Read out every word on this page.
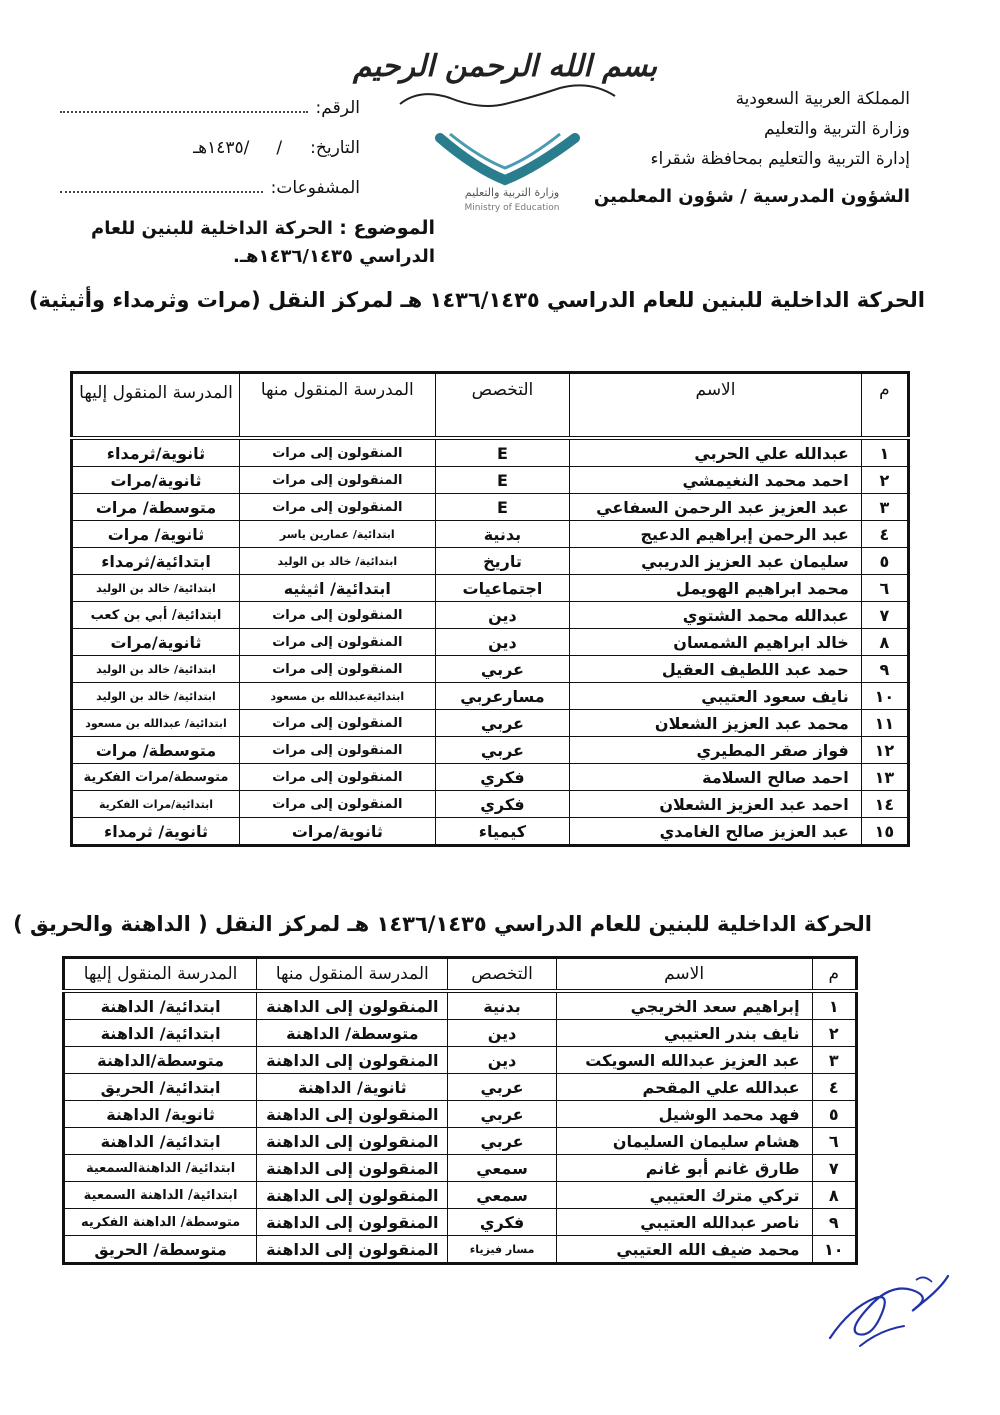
المملكة العربية السعودية
وزارة التربية والتعليم
إدارة التربية والتعليم بمحافظة شقراء
الشؤون المدرسية / شؤون المعلمين
بسم الله الرحمن الرحيم
وزارة التربية والتعليم
Ministry of Education
الرقم:
التاريخ:
/     /١٤٣٥هـ
المشفوعات:
الموضوع : الحركة الداخلية للبنين للعام الدراسي ١٤٣٦/١٤٣٥هـ.
الحركة الداخلية للبنين للعام الدراسي ١٤٣٦/١٤٣٥ هـ لمركز النقل (مرات وثرمداء وأثيثية)
م	الاسم	التخصص	المدرسة المنقول منها	المدرسة المنقول إليها
١	عبدالله علي الحربي	E	المنقولون إلى مرات	ثانوية/ثرمداء
٢	احمد محمد النغيمشي	E	المنقولون إلى مرات	ثانوية/مرات
٣	عبد العزيز عبد الرحمن السفاعي	E	المنقولون إلى مرات	متوسطة/ مرات
٤	عبد الرحمن إبراهيم الدعيج	بدنية	ابتدائية/ عمارين ياسر	ثانوية/ مرات
٥	سليمان عبد العزيز الدريبي	تاريخ	ابتدائية/ خالد بن الوليد	ابتدائية/ثرمداء
٦	محمد ابراهيم الهويمل	اجتماعيات	ابتدائية/ اثيثيه	ابتدائية/ خالد بن الوليد
٧	عبدالله محمد الشتوي	دين	المنقولون إلى مرات	ابتدائية/ أبي بن كعب
٨	خالد ابراهيم الشمسان	دين	المنقولون إلى مرات	ثانوية/مرات
٩	حمد عبد اللطيف العقيل	عربي	المنقولون إلى مرات	ابتدائية/ خالد بن الوليد
١٠	نايف سعود العتيبي	مسارعربي	ابتدائيةعبدالله بن مسعود	ابتدائية/ خالد بن الوليد
١١	محمد عبد العزيز الشعلان	عربي	المنقولون إلى مرات	ابتدائية/ عبدالله بن مسعود
١٢	فواز صقر المطيري	عربي	المنقولون إلى مرات	متوسطة/ مرات
١٣	احمد صالح السلامة	فكري	المنقولون إلى مرات	متوسطة/مرات الفكرية
١٤	احمد عبد العزيز الشعلان	فكري	المنقولون إلى مرات	ابتدائية/مرات الفكرية
١٥	عبد العزيز صالح الغامدي	كيمياء	ثانوية/مرات	ثانوية/ ثرمداء
الحركة الداخلية للبنين للعام الدراسي ١٤٣٦/١٤٣٥ هـ لمركز النقل ( الداهنة والحريق )
م	الاسم	التخصص	المدرسة المنقول منها	المدرسة المنقول إليها
١	إبراهيم سعد الخريجي	بدنية	المنقولون إلى الداهنة	ابتدائية/ الداهنة
٢	نايف بندر العتيبي	دين	متوسطة/ الداهنة	ابتدائية/ الداهنة
٣	عبد العزيز عبدالله السويكت	دين	المنقولون إلى الداهنة	متوسطة/الداهنة
٤	عبدالله علي المقحم	عربي	ثانوية/ الداهنة	ابتدائية/ الحريق
٥	فهد محمد الوشيل	عربي	المنقولون إلى الداهنة	ثانوية/ الداهنة
٦	هشام سليمان السليمان	عربي	المنقولون إلى الداهنة	ابتدائية/ الداهنة
٧	طارق غانم أبو غانم	سمعي	المنقولون إلى الداهنة	ابتدائية/ الداهنةالسمعية
٨	تركي مترك العتيبي	سمعي	المنقولون إلى الداهنة	ابتدائية/ الداهنة السمعية
٩	ناصر عبدالله العتيبي	فكري	المنقولون إلى الداهنة	متوسطة/ الداهنة الفكريه
١٠	محمد ضيف الله العتيبي	مسار فيزياء	المنقولون إلى الداهنة	متوسطة/ الحريق
